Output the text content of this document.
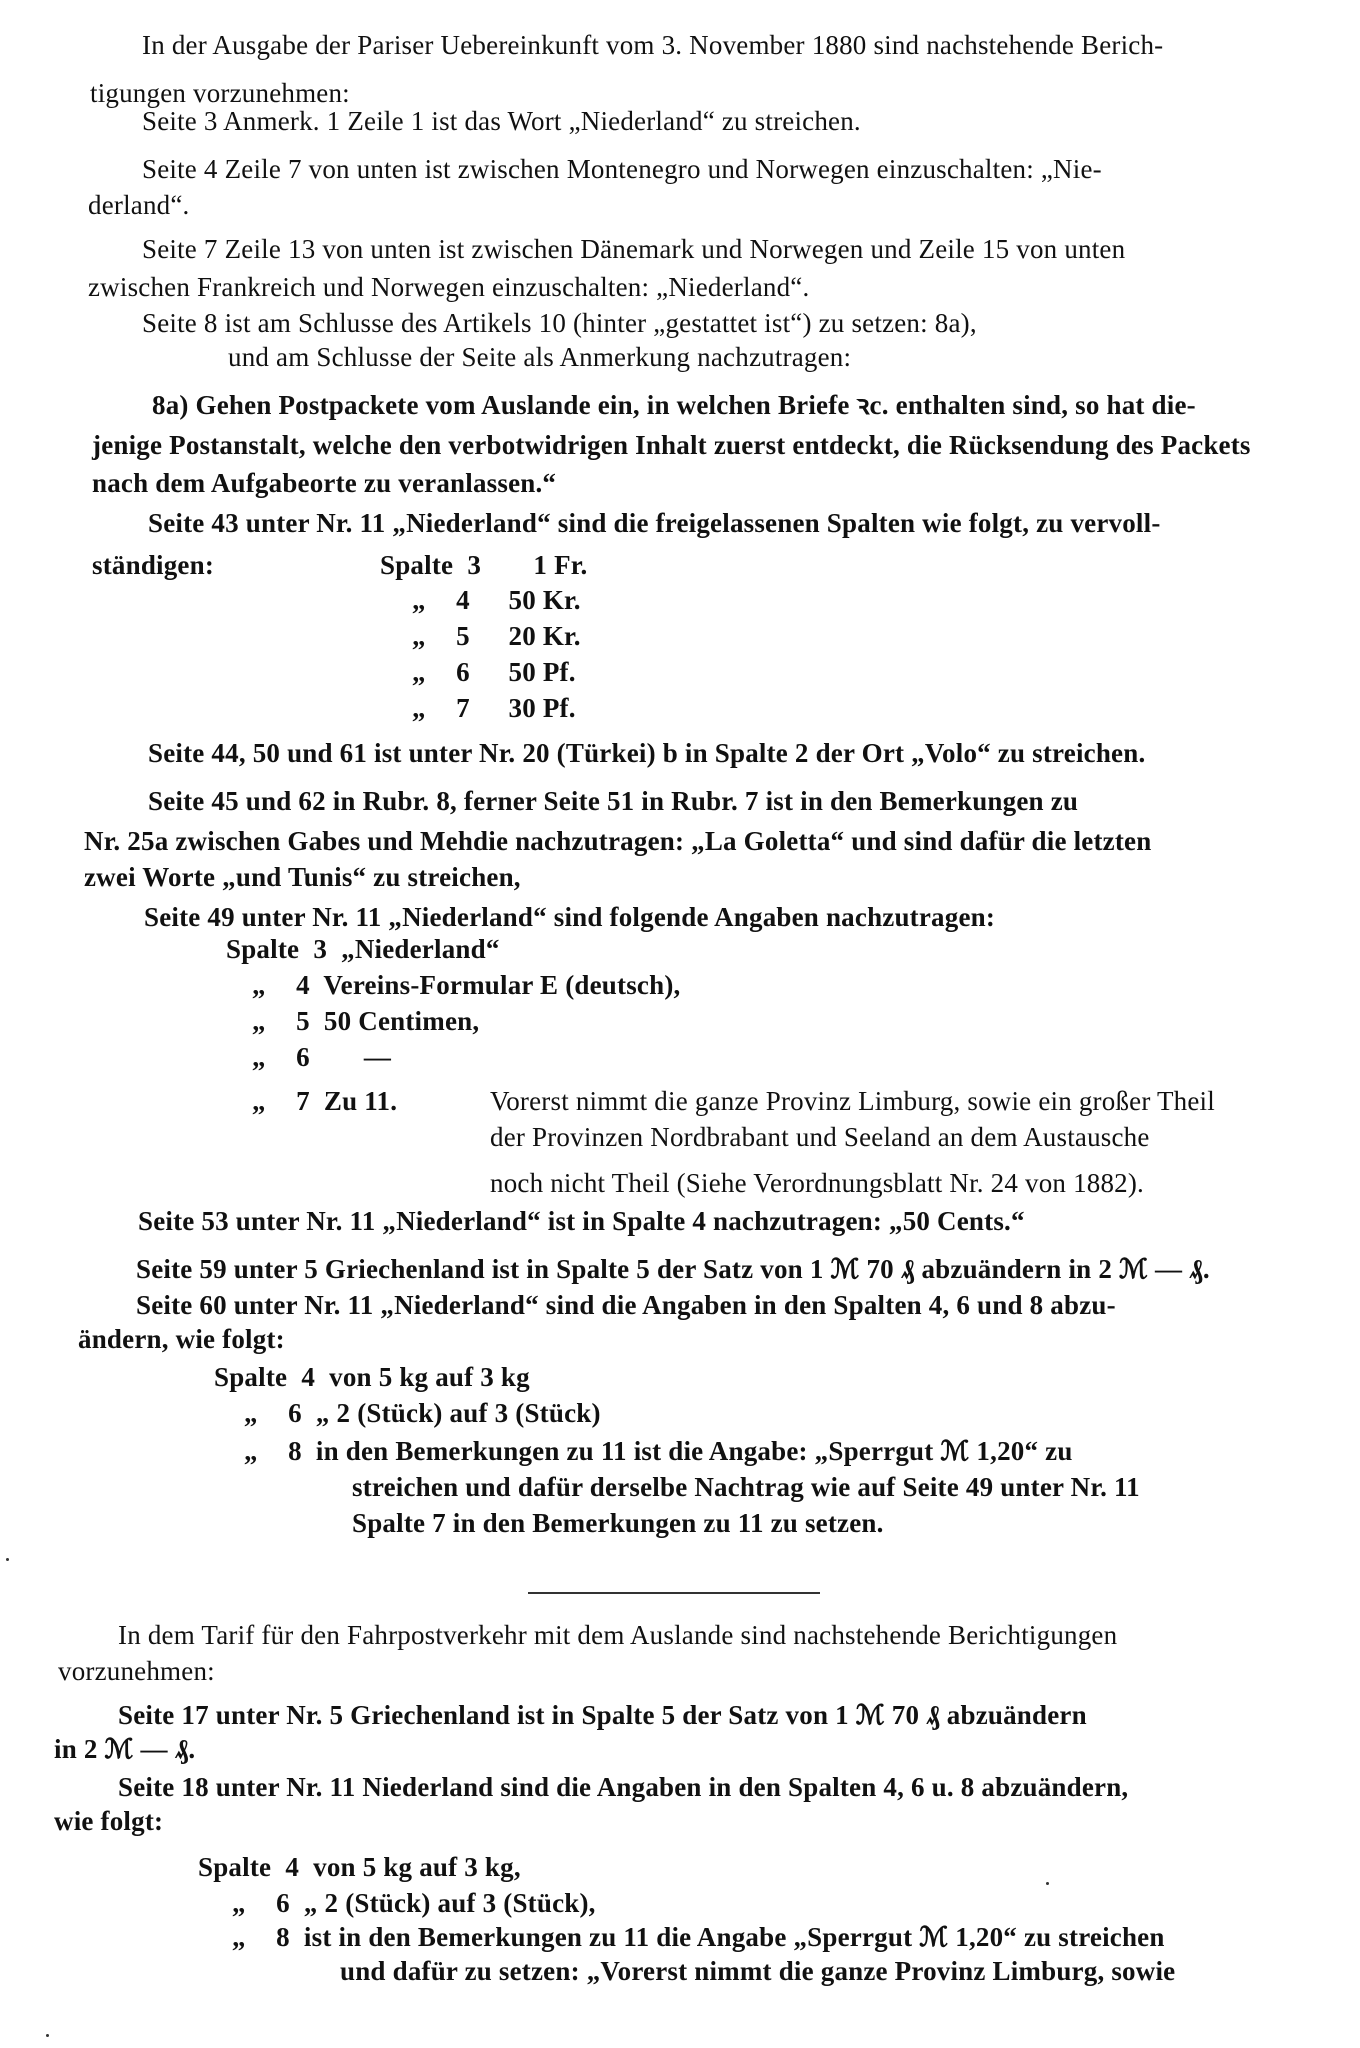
In der Ausgabe der Pariser Uebereinkunft vom 3. November 1880 sind nachstehende Berich-
tigungen vorzunehmen:
Seite 3 Anmerk. 1 Zeile 1 ist das Wort „Niederland“ zu streichen.
Seite 4 Zeile 7 von unten ist zwischen Montenegro und Norwegen einzuschalten: „Nie-
derland“.
Seite 7 Zeile 13 von unten ist zwischen Dänemark und Norwegen und Zeile 15 von unten
zwischen Frankreich und Norwegen einzuschalten: „Niederland“.
Seite 8 ist am Schlusse des Artikels 10 (hinter „gestattet ist“) zu setzen: 8a),
und am Schlusse der Seite als Anmerkung nachzutragen:
8a) Gehen Postpackete vom Auslande ein, in welchen Briefe ꝛc. enthalten sind, so hat die-
jenige Postanstalt, welche den verbotwidrigen Inhalt zuerst entdeckt, die Rücksendung des Packets
nach dem Aufgabeorte zu veranlassen.“
Seite 43 unter Nr. 11 „Niederland“ sind die freigelassenen Spalten wie folgt, zu vervoll-
ständigen:	Spalte 3 1 Fr.
„ 4 50 Kr.
„ 5 20 Kr.
„ 6 50 Pf.
„ 7 30 Pf.
Seite 44, 50 und 61 ist unter Nr. 20 (Türkei) b in Spalte 2 der Ort „Volo“ zu streichen.
Seite 45 und 62 in Rubr. 8, ferner Seite 51 in Rubr. 7 ist in den Bemerkungen zu
Nr. 25a zwischen Gabes und Mehdie nachzutragen: „La Goletta“ und sind dafür die letzten
zwei Worte „und Tunis“ zu streichen,
Seite 49 unter Nr. 11 „Niederland“ sind folgende Angaben nachzutragen:
Spalte 3 „Niederland“
„ 4 Vereins-Formular E (deutsch),
„ 5 50 Centimen,
„ 6 —
„ 7 Zu 11.	Vorerst nimmt die ganze Provinz Limburg, sowie ein großer Theil
der Provinzen Nordbrabant und Seeland an dem Austausche
noch nicht Theil (Siehe Verordnungsblatt Nr. 24 von 1882).
Seite 53 unter Nr. 11 „Niederland“ ist in Spalte 4 nachzutragen: „50 Cents.“
Seite 59 unter 5 Griechenland ist in Spalte 5 der Satz von 1 ℳ 70 ₰ abzuändern in 2 ℳ — ₰.
Seite 60 unter Nr. 11 „Niederland“ sind die Angaben in den Spalten 4, 6 und 8 abzu-
ändern, wie folgt:
Spalte 4 von 5 kg auf 3 kg
„ 6 „ 2 (Stück) auf 3 (Stück)
„ 8 in den Bemerkungen zu 11 ist die Angabe: „Sperrgut ℳ 1,20“ zu
streichen und dafür derselbe Nachtrag wie auf Seite 49 unter Nr. 11
Spalte 7 in den Bemerkungen zu 11 zu setzen.
In dem Tarif für den Fahrpostverkehr mit dem Auslande sind nachstehende Berichtigungen
vorzunehmen:
Seite 17 unter Nr. 5 Griechenland ist in Spalte 5 der Satz von 1 ℳ 70 ₰ abzuändern
in 2 ℳ — ₰.
Seite 18 unter Nr. 11 Niederland sind die Angaben in den Spalten 4, 6 u. 8 abzuändern,
wie folgt:
Spalte 4 von 5 kg auf 3 kg,
„ 6 „ 2 (Stück) auf 3 (Stück),
„ 8 ist in den Bemerkungen zu 11 die Angabe „Sperrgut ℳ 1,20“ zu streichen
und dafür zu setzen: „Vorerst nimmt die ganze Provinz Limburg, sowie
